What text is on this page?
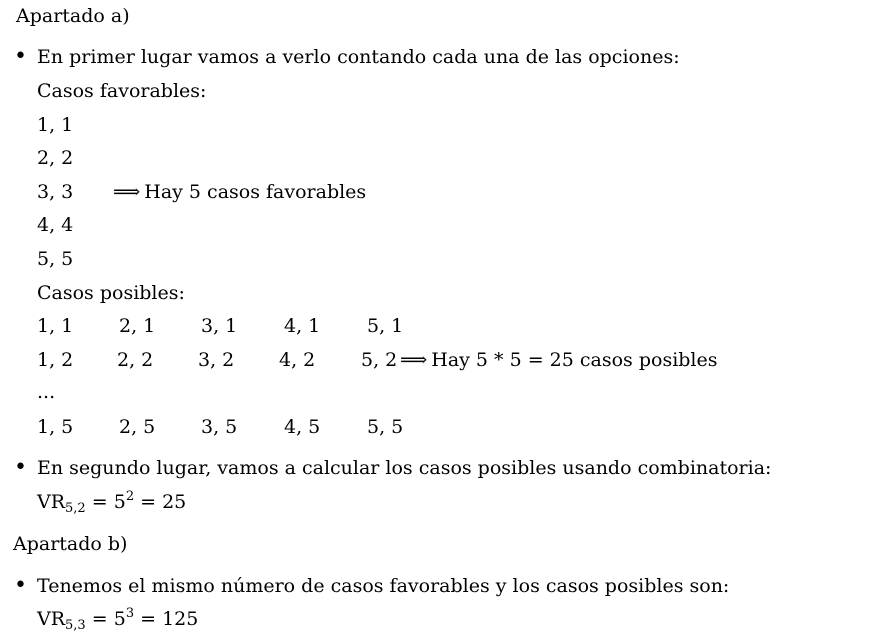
Apartado a)
• En primer lugar vamos a verlo contando cada una de las opciones:
Casos favorables:
1, 1
2, 2
3, 3 ⟹ Hay 5 casos favorables
4, 4
5, 5
Casos posibles:
1, 1 2, 1 3, 1 4, 1 5, 1
1, 2 2, 2 3, 2 4, 2 5, 2 ⟹ Hay 5 * 5 = 25 casos posibles
...
1, 5 2, 5 3, 5 4, 5 5, 5
• En segundo lugar, vamos a calcular los casos posibles usando combinatoria:
$VR_{5,2} = 5^2 = 25$
Apartado b)
• Tenemos el mismo número de casos favorables y los casos posibles son:
$VR_{5,3} = 5^3 = 125$
